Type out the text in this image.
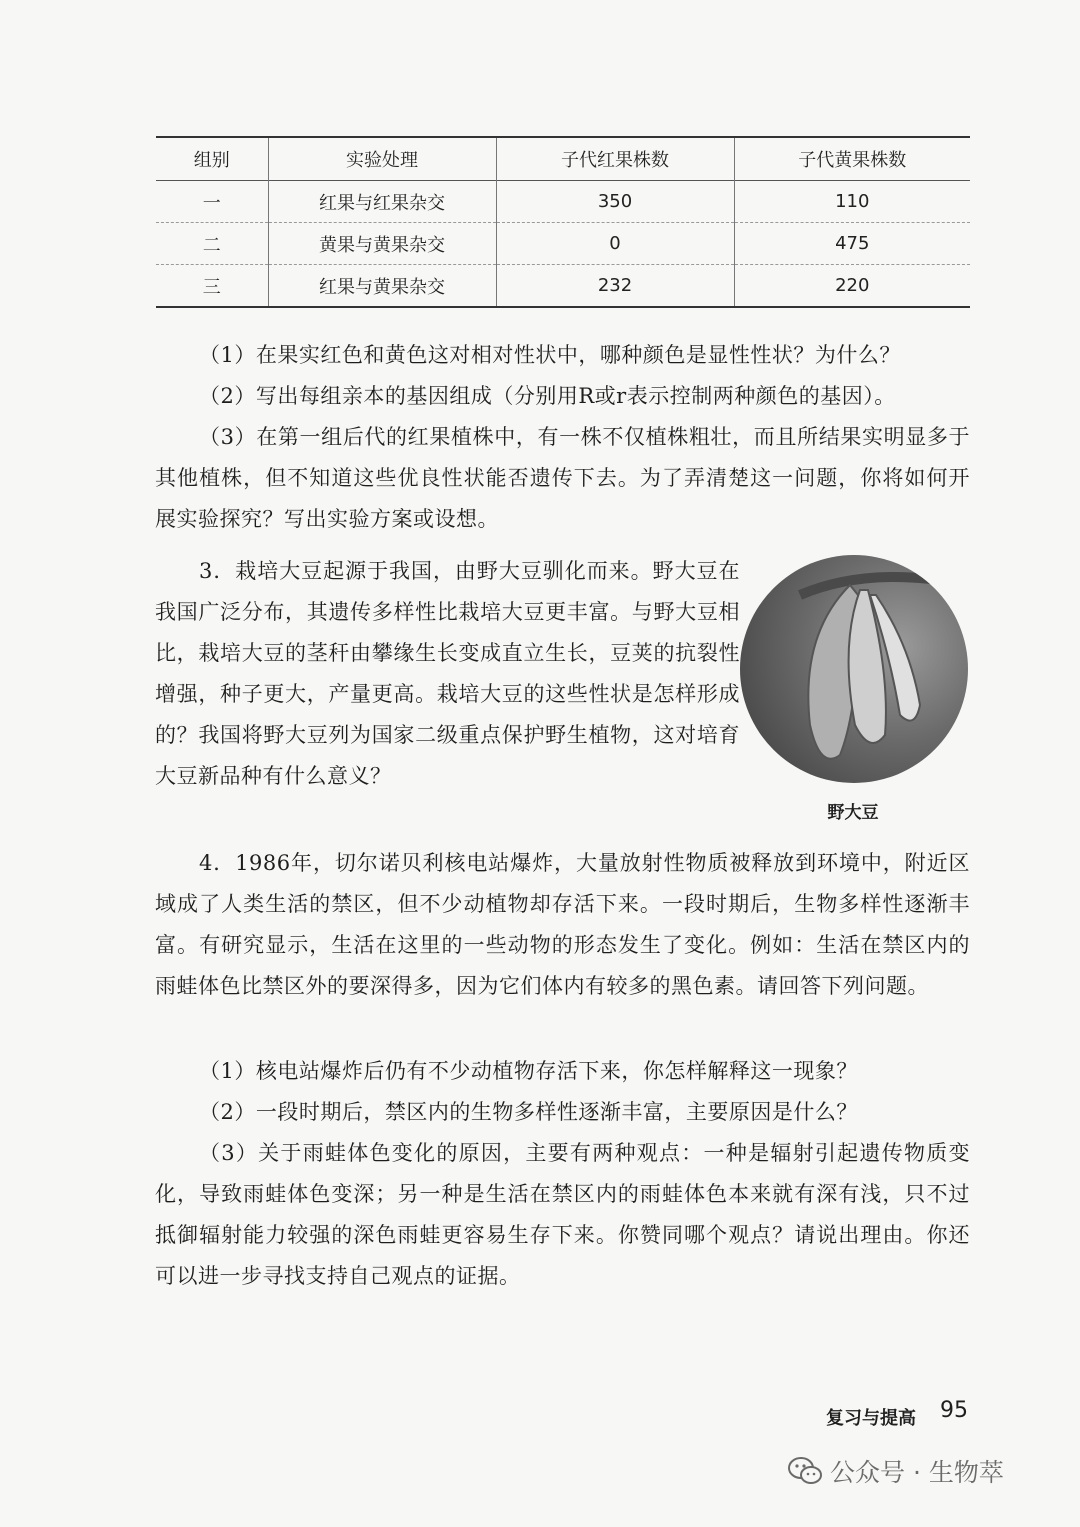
组别	实验处理	子代红果株数	子代黄果株数
一	红果与红果杂交	350	110
二	黄果与黄果杂交	0	475
三	红果与黄果杂交	232	220
（1）在果实红色和黄色这对相对性状中，哪种颜色是显性性状？为什么？
（2）写出每组亲本的基因组成（分别用R或r表示控制两种颜色的基因）。
（3）在第一组后代的红果植株中，有一株不仅植株粗壮，而且所结果实明显多于其他植株，但不知道这些优良性状能否遗传下去。为了弄清楚这一问题，你将如何开展实验探究？写出实验方案或设想。
3．栽培大豆起源于我国，由野大豆驯化而来。野大豆在我国广泛分布，其遗传多样性比栽培大豆更丰富。与野大豆相比，栽培大豆的茎秆由攀缘生长变成直立生长，豆荚的抗裂性增强，种子更大，产量更高。栽培大豆的这些性状是怎样形成的？我国将野大豆列为国家二级重点保护野生植物，这对培育大豆新品种有什么意义？
野大豆
4．1986年，切尔诺贝利核电站爆炸，大量放射性物质被释放到环境中，附近区域成了人类生活的禁区，但不少动植物却存活下来。一段时期后，生物多样性逐渐丰富。有研究显示，生活在这里的一些动物的形态发生了变化。例如：生活在禁区内的雨蛙体色比禁区外的要深得多，因为它们体内有较多的黑色素。请回答下列问题。
（1）核电站爆炸后仍有不少动植物存活下来，你怎样解释这一现象？
（2）一段时期后，禁区内的生物多样性逐渐丰富，主要原因是什么？
（3）关于雨蛙体色变化的原因，主要有两种观点：一种是辐射引起遗传物质变化，导致雨蛙体色变深；另一种是生活在禁区内的雨蛙体色本来就有深有浅，只不过抵御辐射能力较强的深色雨蛙更容易生存下来。你赞同哪个观点？请说出理由。你还可以进一步寻找支持自己观点的证据。
复习与提高 95
公众号 · 生物萃
